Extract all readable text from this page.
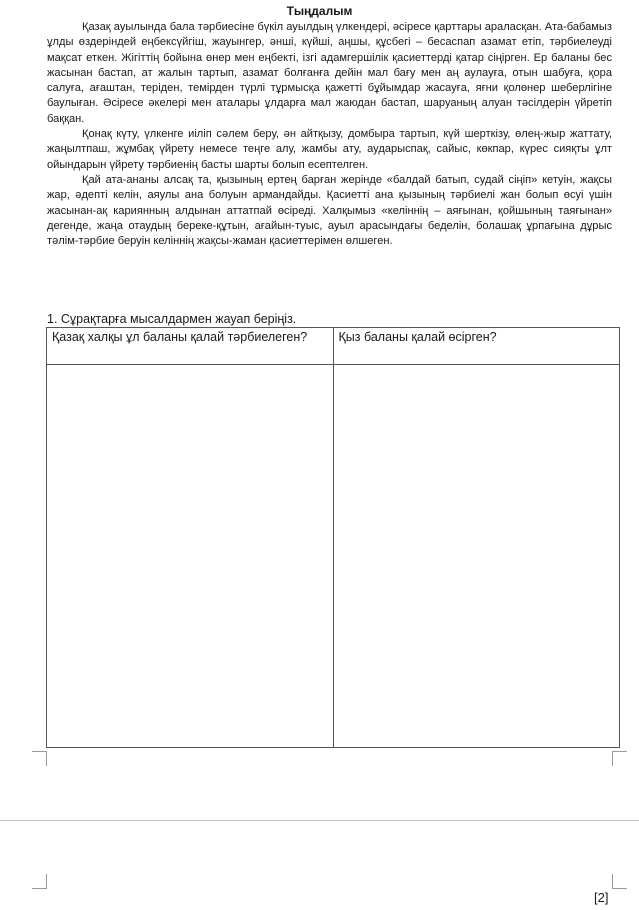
Тыңдалым

Қазақ ауылында бала тәрбиесіне бүкіл ауылдың үлкендері, әсіресе қарттары араласқан. Ата-бабамыз ұлды өздеріндей еңбексүйгіш, жауынгер, әнші, күйші, аңшы, құсбегі – бесаспап азамат етіп, тәрбиелеуді мақсат еткен. Жігіттің бойына өнер мен еңбекті, ізгі адамгершілік қасиеттерді қатар сіңірген. Ер баланы бес жасынан бастап, ат жалын тартып, азамат болғанға дейін мал бағу мен аң аулауға, отын шабуға, қора салуға, ағаштан, теріден, темірден түрлі тұрмысқа қажетті бұйымдар жасауға, яғни қолөнер шеберлігіне баулыған. Әсіресе әкелері мен аталары ұлдарға мал жаюдан бастап, шаруаның алуан тәсілдерін үйретіп баққан.

Қонақ күту, үлкенге иіліп сәлем беру, ән айтқызу, домбыра тартып, күй шерткізу, өлең-жыр жаттату, жаңылтпаш, жұмбақ үйрету немесе теңге алу, жамбы ату, аударыспақ, сайыс, көкпар, күрес сияқты ұлт ойындарын үйрету тәрбиенің басты шарты болып есептелген.

Қай ата-ананы алсақ та, қызының ертең барған жерінде «балдай батып, судай сіңіп» кетуін, жақсы жар, әдепті келін, аяулы ана болуын армандайды. Қасиетті ана қызының тәрбиелі жан болып өсуі үшін жасынан-ақ кариянның алдынан аттатпай өсіреді. Халқымыз «келіннің – аяғынан, қойшының таяғынан» дегенде, жаңа отаудың береке-құтын, ағайын-туыс, ауыл арасындағы беделін, болашақ ұрпағына дұрыс тәлім-тәрбие беруін келіннің жақсы-жаман қасиеттерімен өлшеген.

1. Сұрақтарға мысалдармен жауап беріңіз.
Қазақ халқы ұл баланы қалай тәрбиелеген?	Қыз баланы қалай өсірген?

[2]
